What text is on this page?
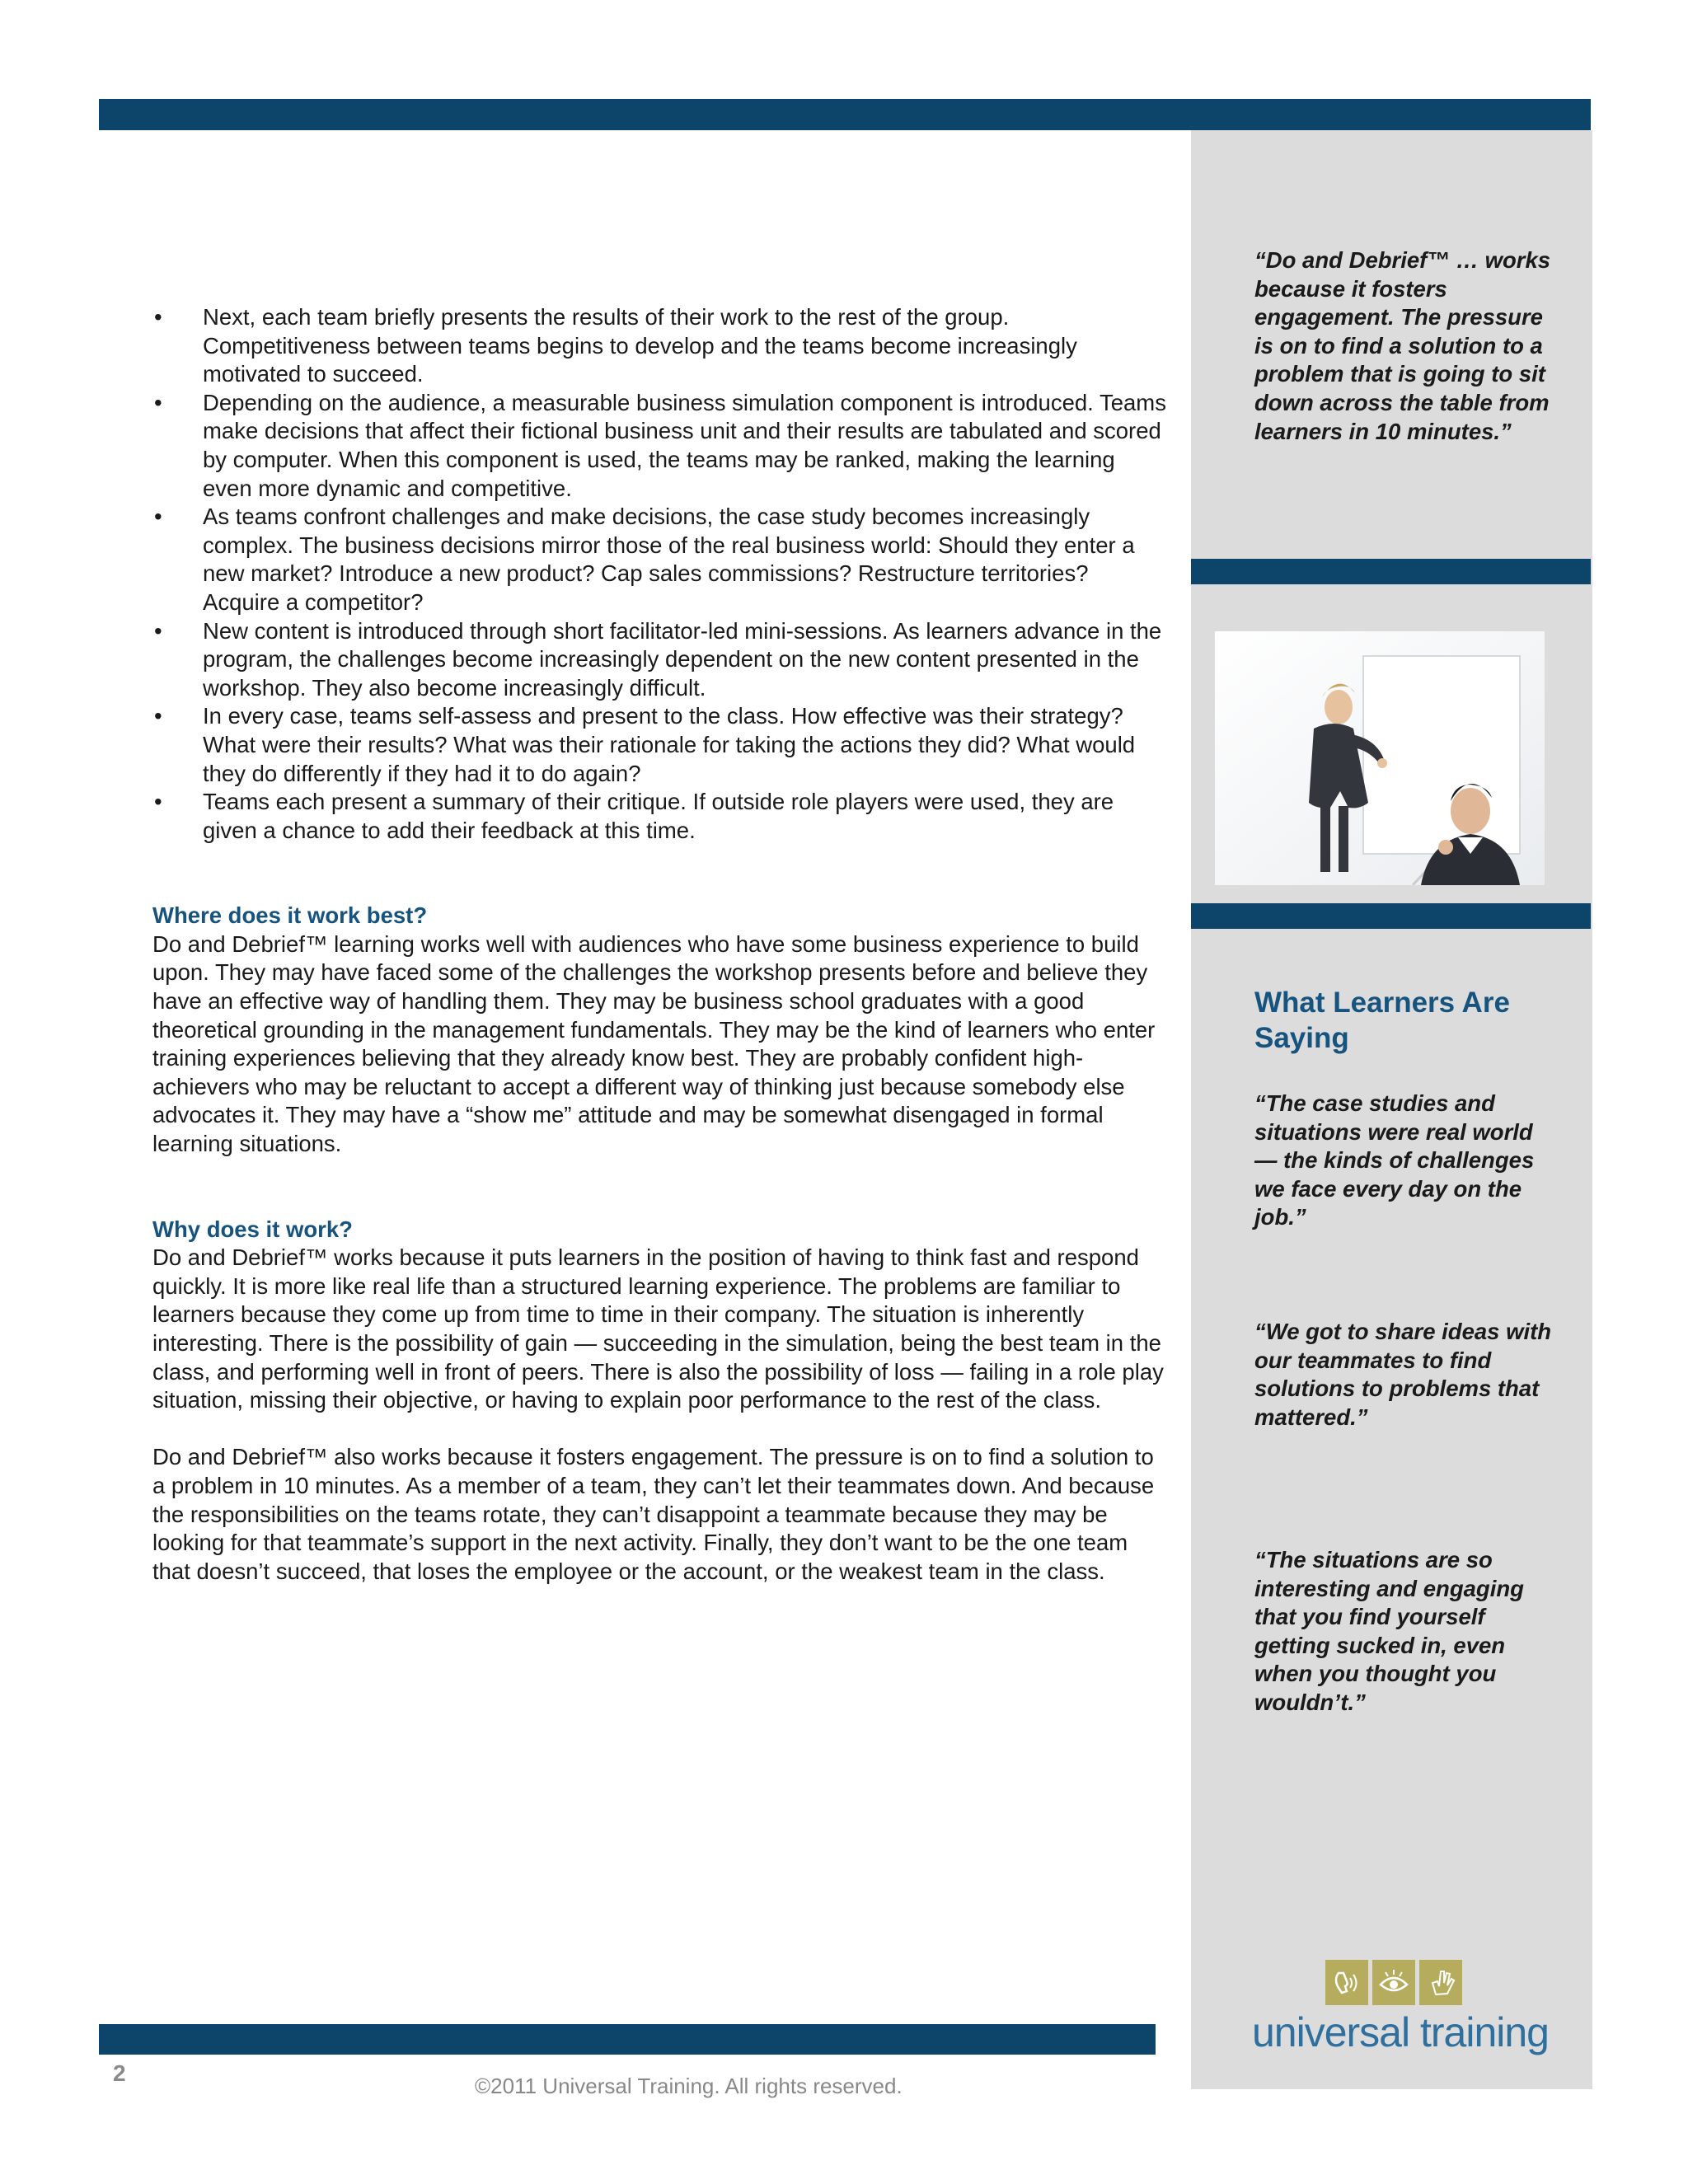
• Next, each team briefly presents the results of their work to the rest of the group. Competitiveness between teams begins to develop and the teams become increasingly motivated to succeed.
• Depending on the audience, a measurable business simulation component is introduced. Teams make decisions that affect their fictional business unit and their results are tabulated and scored by computer. When this component is used, the teams may be ranked, making the learning even more dynamic and competitive.
• As teams confront challenges and make decisions, the case study becomes increasingly complex. The business decisions mirror those of the real business world: Should they enter a new market? Introduce a new product? Cap sales commissions? Restructure territories? Acquire a competitor?
• New content is introduced through short facilitator-led mini-sessions. As learners advance in the program, the challenges become increasingly dependent on the new content presented in the workshop. They also become increasingly difficult.
• In every case, teams self-assess and present to the class. How effective was their strategy? What were their results? What was their rationale for taking the actions they did? What would they do differently if they had it to do again?
• Teams each present a summary of their critique. If outside role players were used, they are given a chance to add their feedback at this time.

Where does it work best?

Do and Debrief™ learning works well with audiences who have some business experience to build upon. They may have faced some of the challenges the workshop presents before and believe they have an effective way of handling them. They may be business school graduates with a good theoretical grounding in the management fundamentals. They may be the kind of learners who enter training experiences believing that they already know best. They are probably confident high-achievers who may be reluctant to accept a different way of thinking just because somebody else advocates it. They may have a “show me” attitude and may be somewhat disengaged in formal learning situations.

Why does it work?

Do and Debrief™ works because it puts learners in the position of having to think fast and respond quickly. It is more like real life than a structured learning experience. The problems are familiar to learners because they come up from time to time in their company. The situation is inherently interesting. There is the possibility of gain — succeeding in the simulation, being the best team in the class, and performing well in front of peers. There is also the possibility of loss — failing in a role play situation, missing their objective, or having to explain poor performance to the rest of the class.

Do and Debrief™ also works because it fosters engagement. The pressure is on to find a solution to a problem in 10 minutes. As a member of a team, they can’t let their teammates down. And because the responsibilities on the teams rotate, they can’t disappoint a teammate because they may be looking for that teammate’s support in the next activity. Finally, they don’t want to be the one team that doesn’t succeed, that loses the employee or the account, or the weakest team in the class.

“Do and Debrief™ … works because it fosters engagement. The pressure is on to find a solution to a problem that is going to sit down across the table from learners in 10 minutes.”

What Learners Are Saying

“The case studies and situations were real world — the kinds of challenges we face every day on the job.”

“We got to share ideas with our teammates to find solutions to problems that mattered.”

“The situations are so interesting and engaging that you find yourself getting sucked in, even when you thought you wouldn’t.”

universal training
2	©2011 Universal Training. All rights reserved.
